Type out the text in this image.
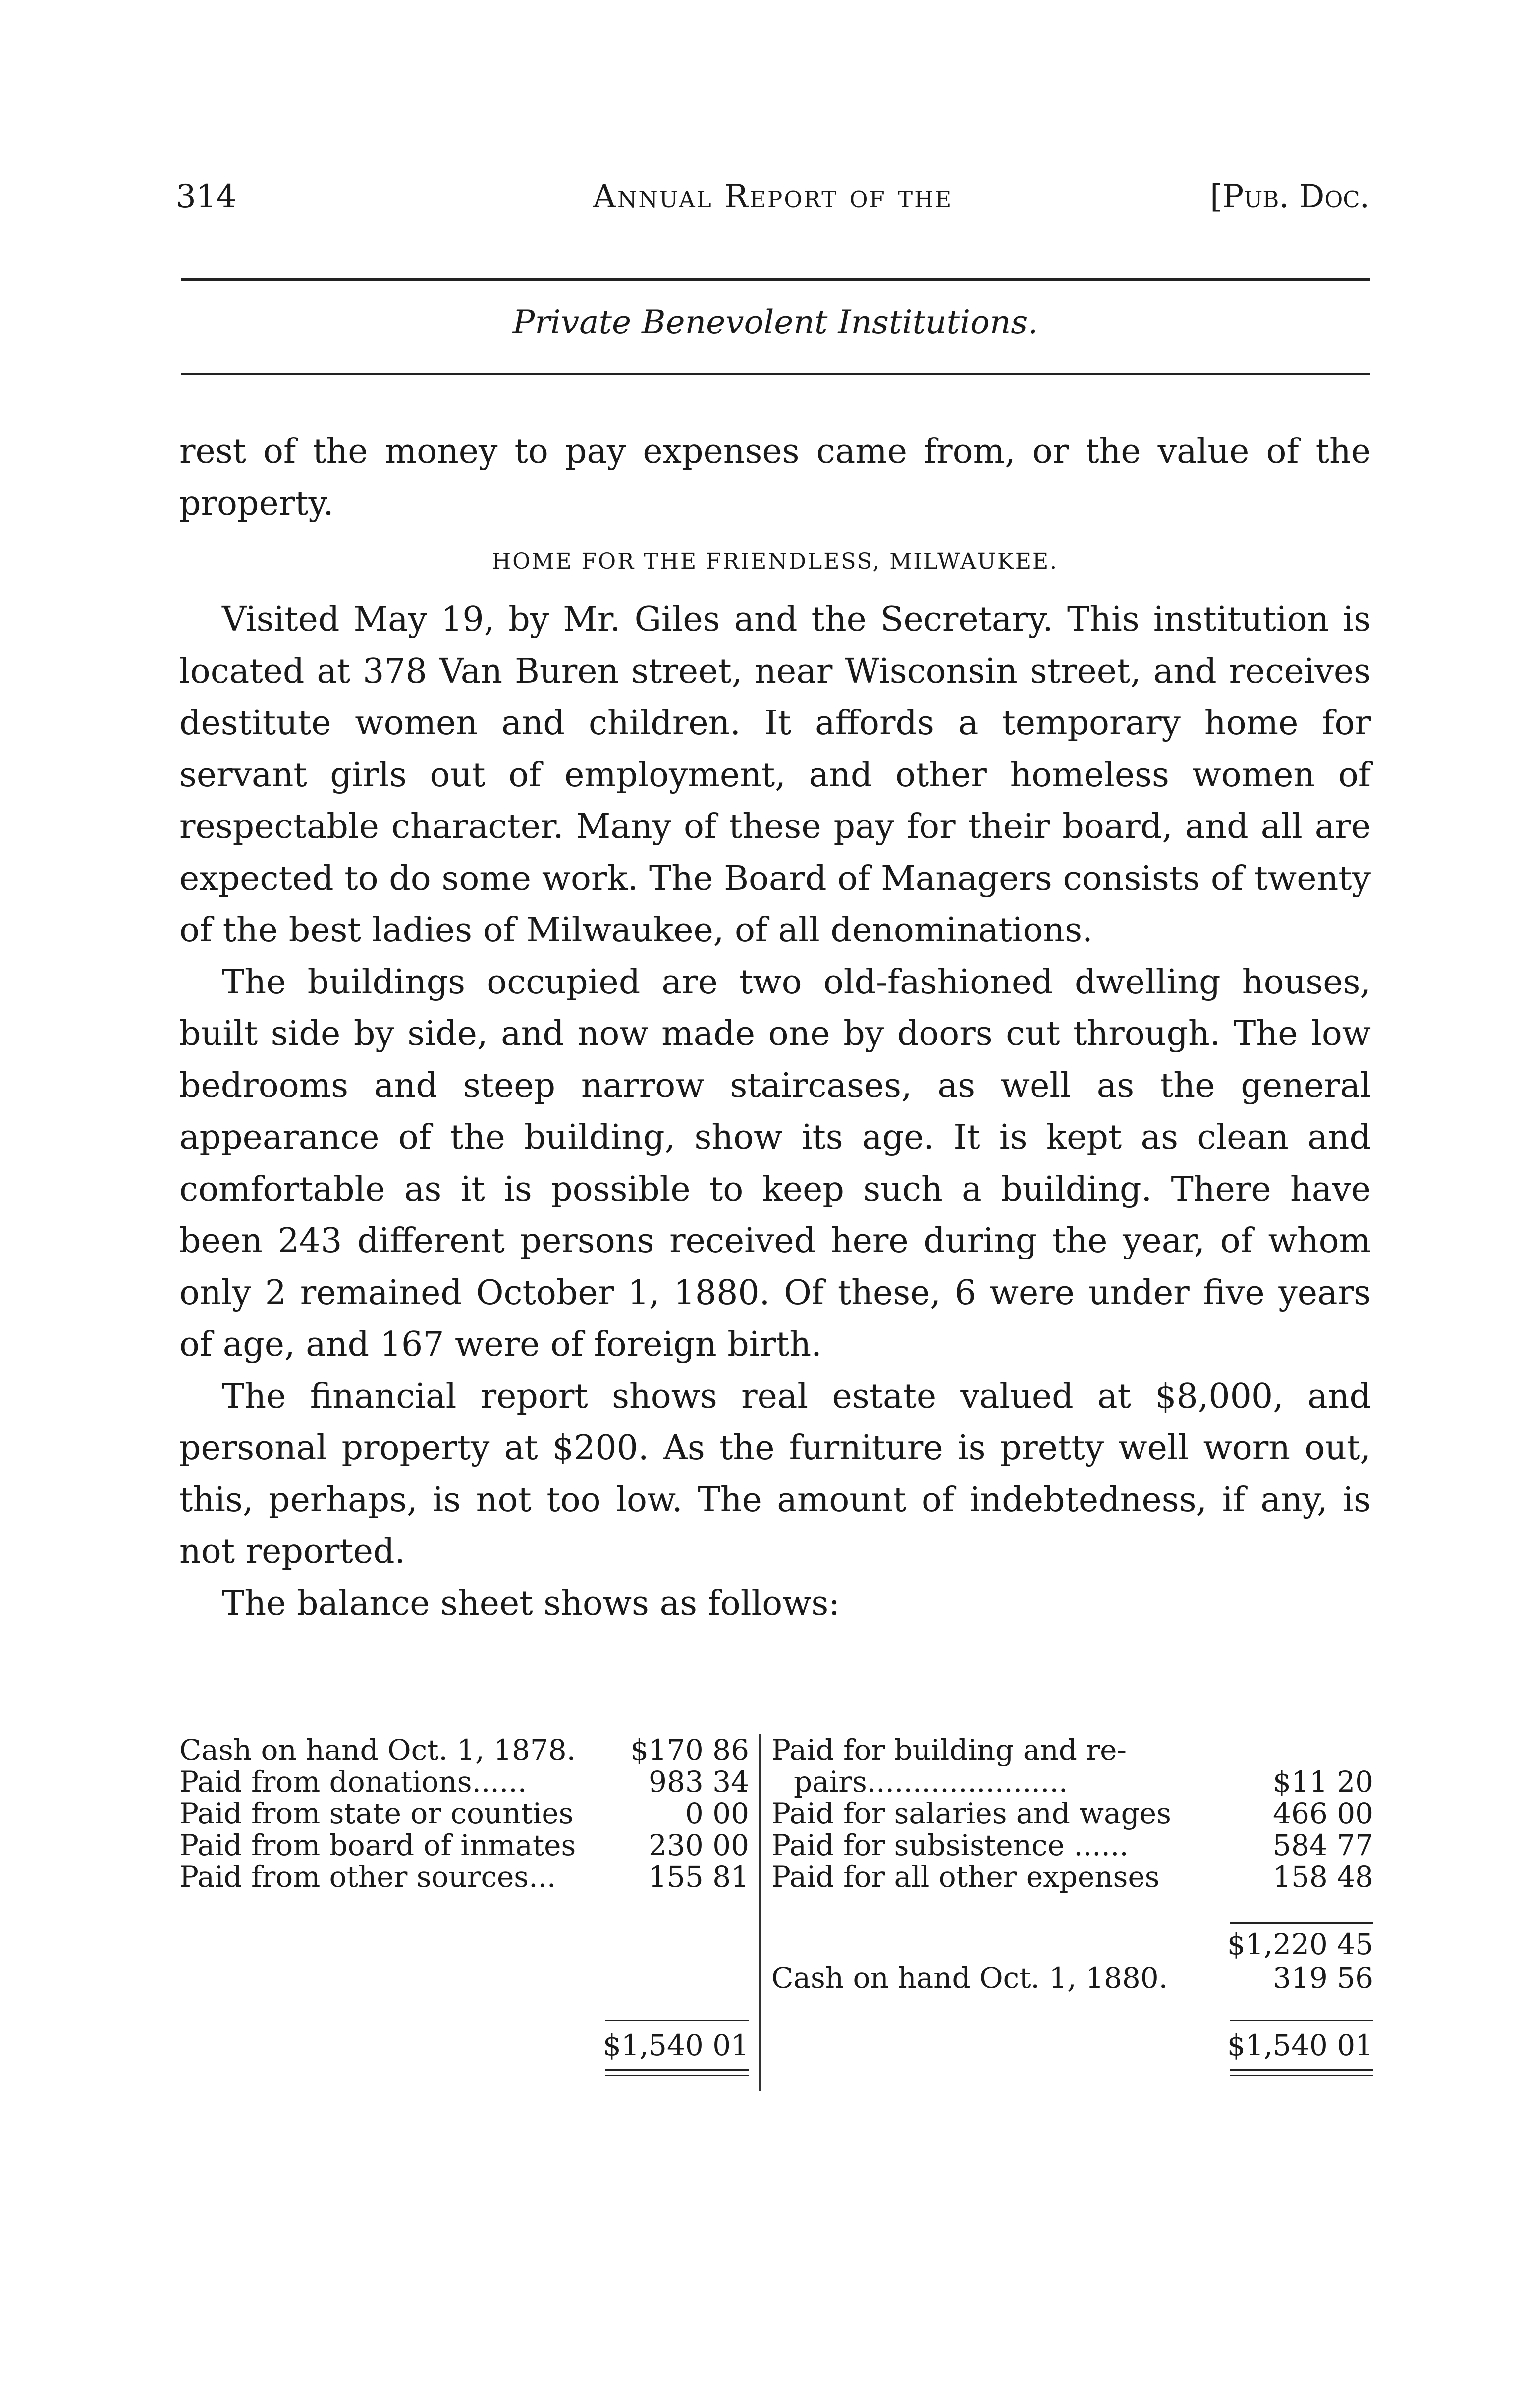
314	Annual Report of the	[Pub. Doc.
Private Benevolent Institutions.

rest of the money to pay expenses came from, or the value of the property.

HOME FOR THE FRIENDLESS, MILWAUKEE.

Visited May 19, by Mr. Giles and the Secretary. This institution is located at 378 Van Buren street, near Wisconsin street, and receives destitute women and children. It affords a temporary home for servant girls out of employment, and other homeless women of respectable character. Many of these pay for their board, and all are expected to do some work. The Board of Managers consists of twenty of the best ladies of Milwaukee, of all denominations.

The buildings occupied are two old-fashioned dwelling houses, built side by side, and now made one by doors cut through. The low bedrooms and steep narrow staircases, as well as the general appearance of the building, show its age. It is kept as clean and comfortable as it is possible to keep such a building. There have been 243 different persons received here during the year, of whom only 2 remained October 1, 1880. Of these, 6 were under five years of age, and 167 were of foreign birth.

The financial report shows real estate valued at $8,000, and personal property at $200. As the furniture is pretty well worn out, this, perhaps, is not too low. The amount of indebtedness, if any, is not reported.

The balance sheet shows as follows:

Cash on hand Oct. 1, 1878. $170 86
Paid from donations......	983 34
Paid from state or counties	0 00
Paid from board of inmates	230 00
Paid from other sources...	155 81
$1,540 01
Paid for building and re-
pairs......................	$11 20
Paid for salaries and wages	466 00
Paid for subsistence ......	584 77
Paid for all other expenses	158 48
$1,220 45
Cash on hand Oct. 1, 1880.	319 56
$1,540 01
